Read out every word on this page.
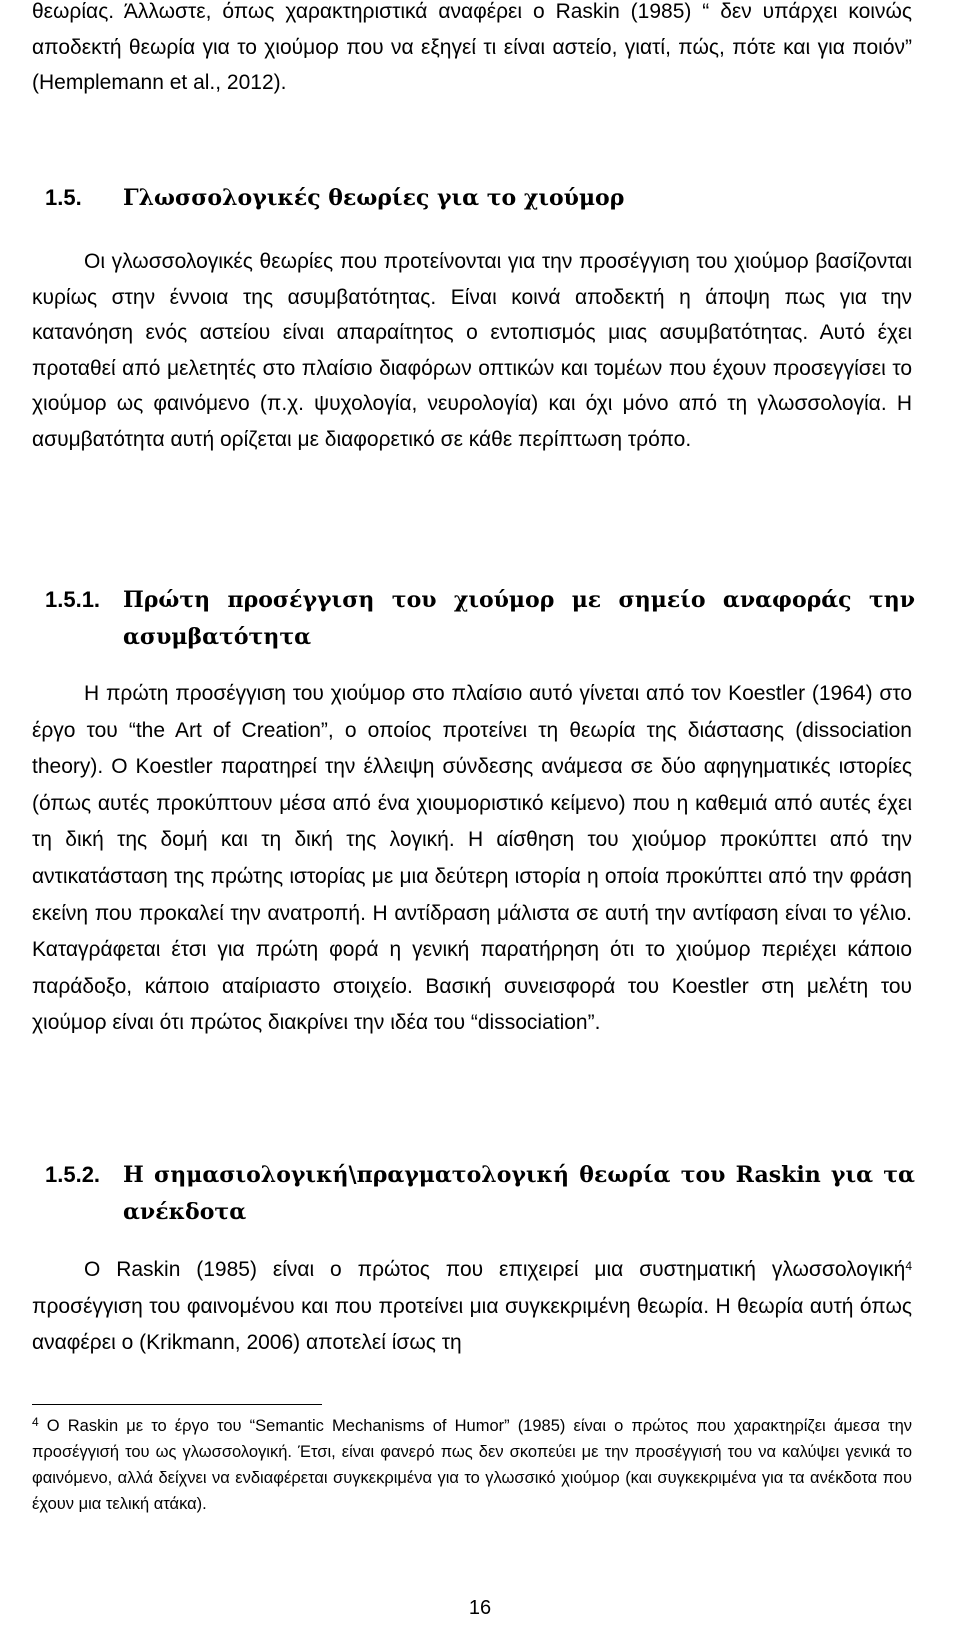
θεωρίας. Άλλωστε, όπως χαρακτηριστικά αναφέρει ο Raskin (1985) “ δεν υπάρχει κοινώς αποδεκτή θεωρία για το χιούμορ που να εξηγεί τι είναι αστείο, γιατί, πώς, πότε και για ποιόν” (Hemplemann et al., 2012).

1.5. Γλωσσολογικές θεωρίες για το χιούμορ

Οι γλωσσολογικές θεωρίες που προτείνονται για την προσέγγιση του χιούμορ βασίζονται κυρίως στην έννοια της ασυμβατότητας. Είναι κοινά αποδεκτή η άποψη πως για την κατανόηση ενός αστείου είναι απαραίτητος ο εντοπισμός μιας ασυμβατότητας. Αυτό έχει προταθεί από μελετητές στο πλαίσιο διαφόρων οπτικών και τομέων που έχουν προσεγγίσει το χιούμορ ως φαινόμενο (π.χ. ψυχολογία, νευρολογία) και όχι μόνο από τη γλωσσολογία. Η ασυμβατότητα αυτή ορίζεται με διαφορετικό σε κάθε περίπτωση τρόπο.

1.5.1. Πρώτη προσέγγιση του χιούμορ με σημείο αναφοράς την
ασυμβατότητα

Η πρώτη προσέγγιση του χιούμορ στο πλαίσιο αυτό γίνεται από τον Koestler (1964) στο έργο του “the Art of Creation”, ο οποίος προτείνει τη θεωρία της διάστασης (dissociation theory). Ο Koestler παρατηρεί την έλλειψη σύνδεσης ανάμεσα σε δύο αφηγηματικές ιστορίες (όπως αυτές προκύπτουν μέσα από ένα χιουμοριστικό κείμενο) που η καθεμιά από αυτές έχει τη δική της δομή και τη δική της λογική. Η αίσθηση του χιούμορ προκύπτει από την αντικατάσταση της πρώτης ιστορίας με μια δεύτερη ιστορία η οποία προκύπτει από την φράση εκείνη που προκαλεί την ανατροπή. Η αντίδραση μάλιστα σε αυτή την αντίφαση είναι το γέλιο. Καταγράφεται έτσι για πρώτη φορά η γενική παρατήρηση ότι το χιούμορ περιέχει κάποιο παράδοξο, κάποιο αταίριαστο στοιχείο. Βασική συνεισφορά του Koestler στη μελέτη του χιούμορ είναι ότι πρώτος διακρίνει την ιδέα του “dissociation”.

1.5.2. Η σημασιολογική\πραγματολογική θεωρία του Raskin για τα
ανέκδοτα

Ο Raskin (1985) είναι ο πρώτος που επιχειρεί μια συστηματική γλωσσολογική$^4$ προσέγγιση του φαινομένου και που προτείνει μια συγκεκριμένη θεωρία. Η θεωρία αυτή όπως αναφέρει ο (Krikmann, 2006) αποτελεί ίσως τη

$^4$ O Raskin με το έργο του “Semantic Mechanisms of Humor” (1985) είναι ο πρώτος που χαρακτηρίζει άμεσα την προσέγγισή του ως γλωσσολογική. Έτσι, είναι φανερό πως δεν σκοπεύει με την προσέγγισή του να καλύψει γενικά το φαινόμενο, αλλά δείχνει να ενδιαφέρεται συγκεκριμένα για το γλωσσικό χιούμορ (και συγκεκριμένα για τα ανέκδοτα που έχουν μια τελική ατάκα).

16
